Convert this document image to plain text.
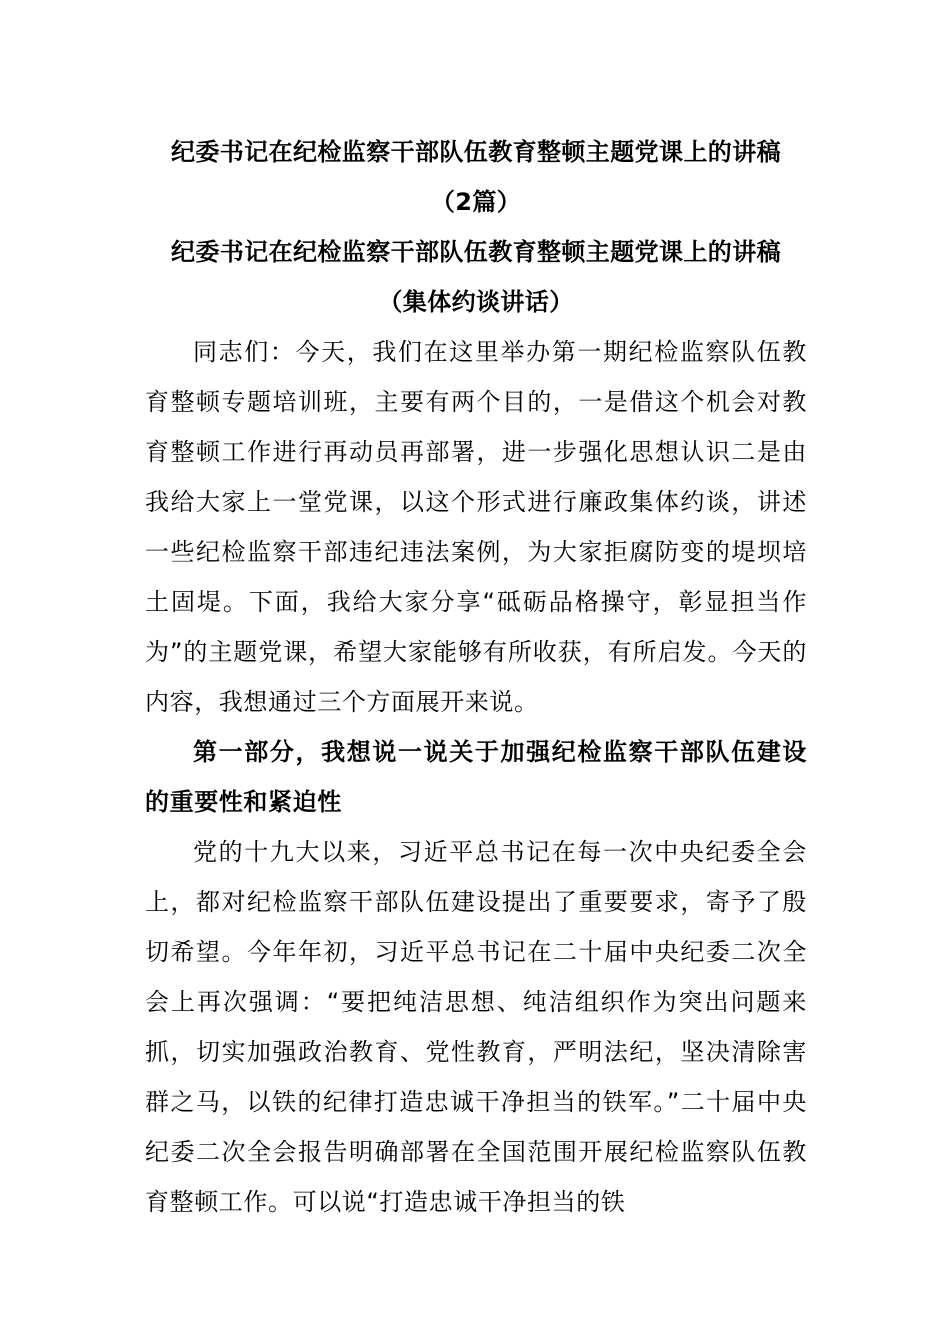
纪委书记在纪检监察干部队伍教育整顿主题党课上的讲稿
（2篇）
纪委书记在纪检监察干部队伍教育整顿主题党课上的讲稿
（集体约谈讲话）

同志们：今天，我们在这里举办第一期纪检监察队伍教育整顿专题培训班，主要有两个目的，一是借这个机会对教育整顿工作进行再动员再部署，进一步强化思想认识二是由我给大家上一堂党课，以这个形式进行廉政集体约谈，讲述一些纪检监察干部违纪违法案例，为大家拒腐防变的堤坝培土固堤。下面，我给大家分享“砥砺品格操守，彰显担当作为”的主题党课，希望大家能够有所收获，有所启发。今天的内容，我想通过三个方面展开来说。

第一部分，我想说一说关于加强纪检监察干部队伍建设的重要性和紧迫性

党的十九大以来，习近平总书记在每一次中央纪委全会上，都对纪检监察干部队伍建设提出了重要要求，寄予了殷切希望。今年年初，习近平总书记在二十届中央纪委二次全会上再次强调：“要把纯洁思想、纯洁组织作为突出问题来抓，切实加强政治教育、党性教育，严明法纪，坚决清除害群之马，以铁的纪律打造忠诚干净担当的铁军。”二十届中央纪委二次全会报告明确部署在全国范围开展纪检监察队伍教育整顿工作。可以说“打造忠诚干净担当的铁
